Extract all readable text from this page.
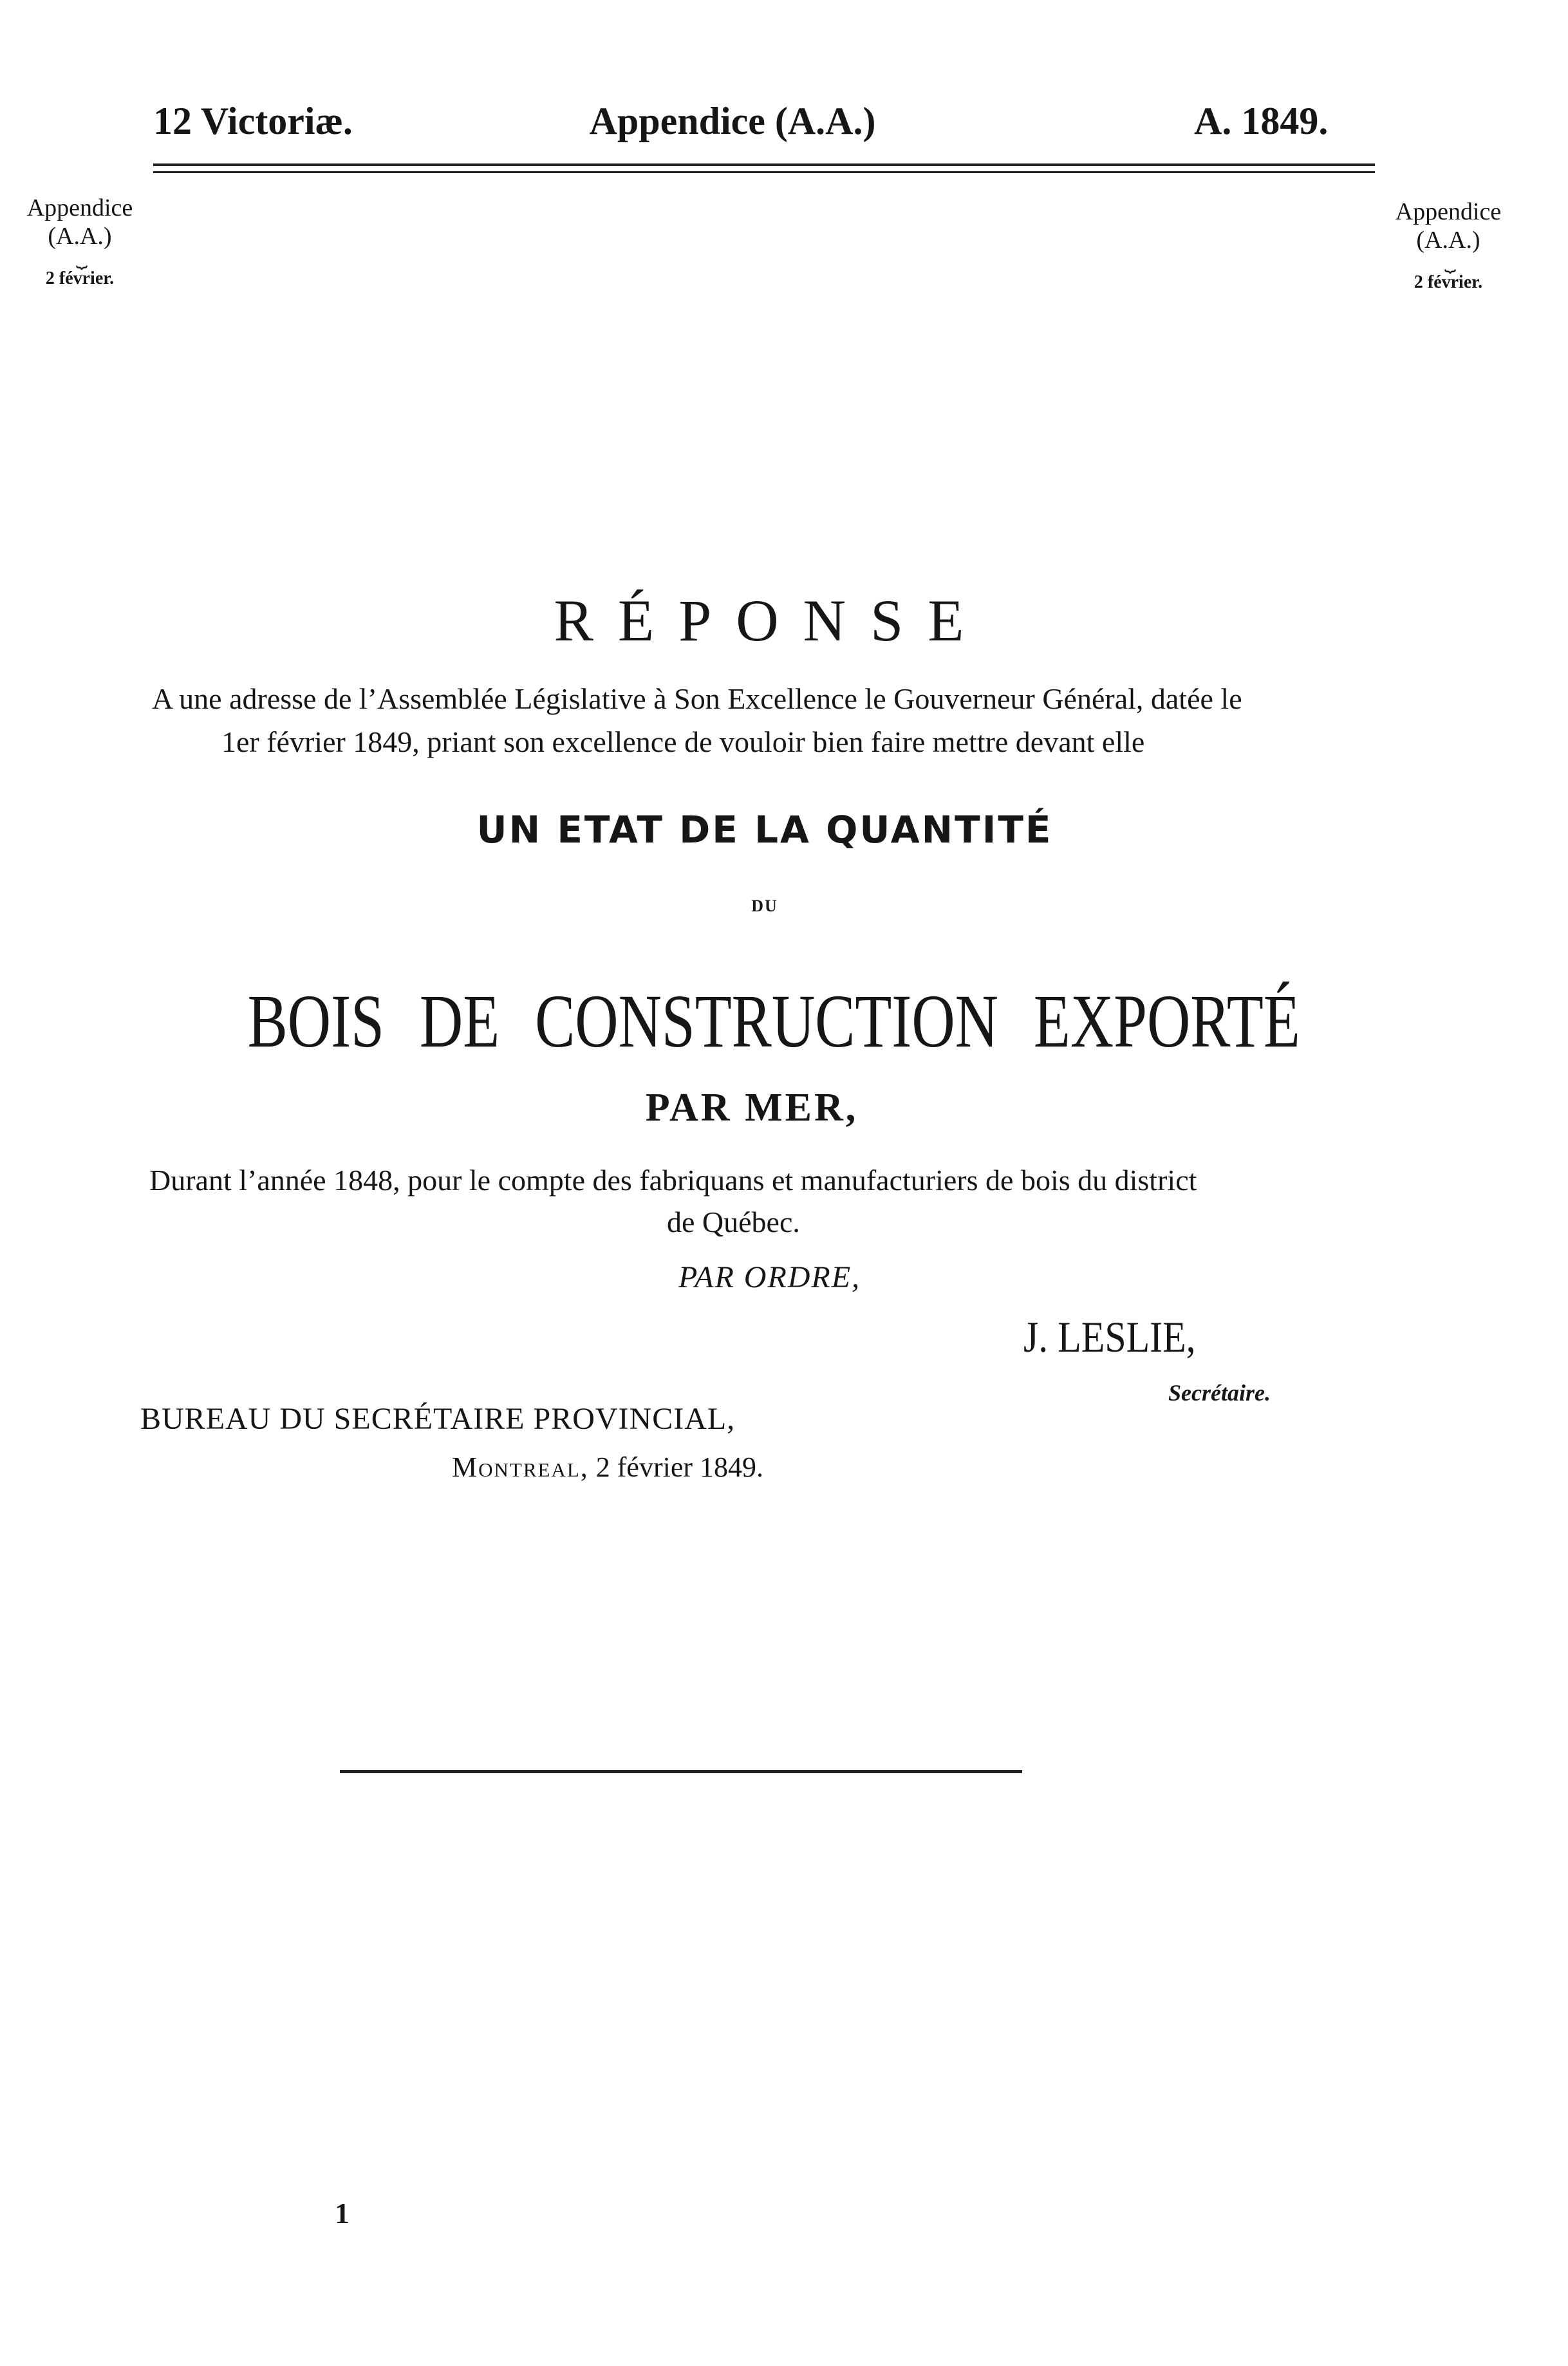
12 Victoriæ.	Appendice (A.A.)	A. 1849.
Appendice
(A.A.)
⏟
2 février.
Appendice
(A.A.)
⏟
2 février.
RÉPONSE
A une adresse de l’Assemblée Législative à Son Excellence le Gouverneur Général, datée le
1er février 1849, priant son excellence de vouloir bien faire mettre devant elle
UN ETAT DE LA QUANTITÉ
DU
BOIS DE CONSTRUCTION EXPORTÉ
PAR MER,
Durant l’année 1848, pour le compte des fabriquans et manufacturiers de bois du district
de Québec.
PAR ORDRE,
J. LESLIE,
Secrétaire.
BUREAU DU SECRÉTAIRE PROVINCIAL,
Montreal, 2 février 1849.
1
